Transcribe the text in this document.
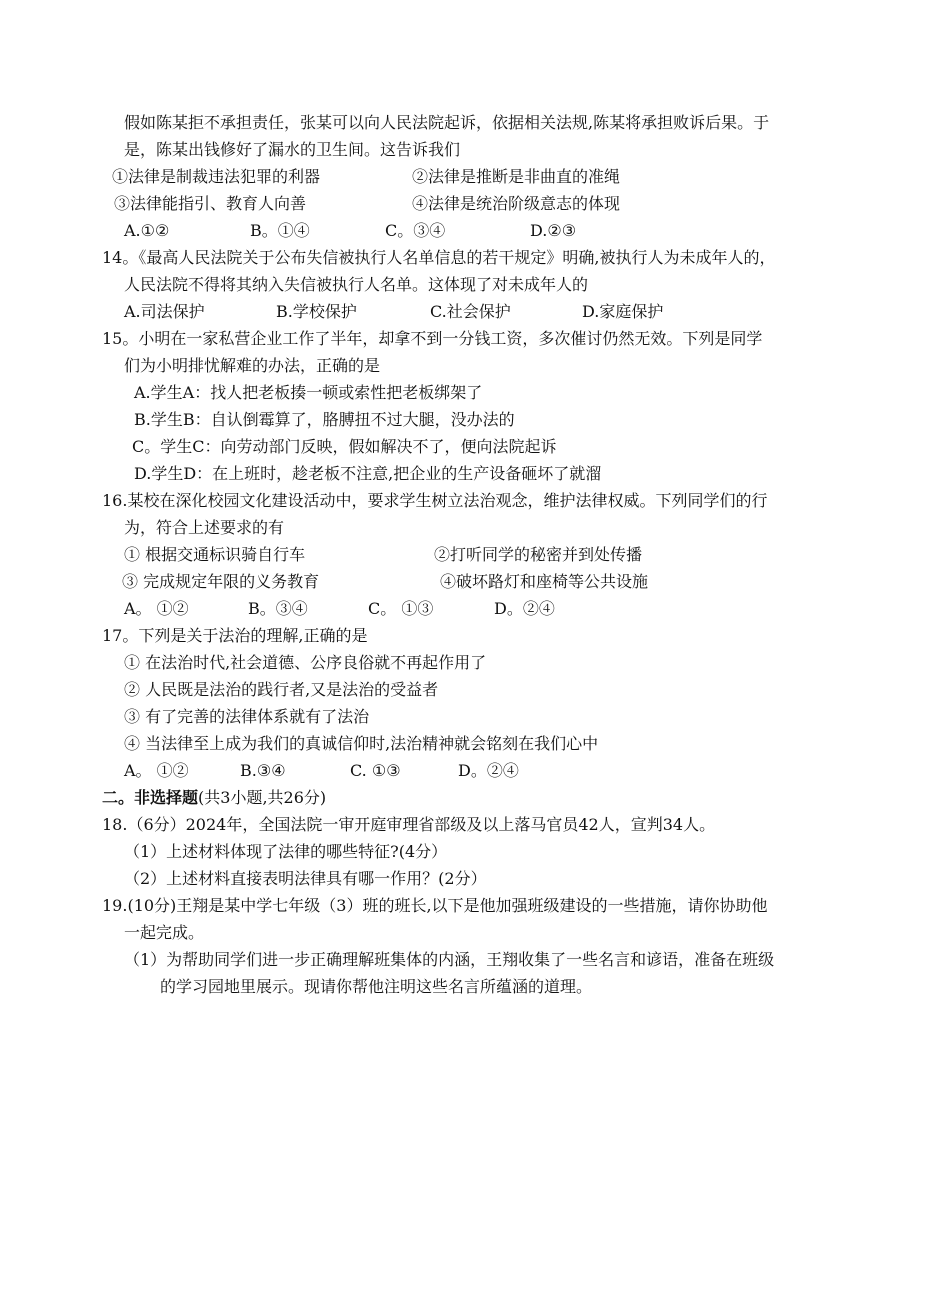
假如陈某拒不承担责任，张某可以向人民法院起诉，依据相关法规,陈某将承担败诉后果。于
是，陈某出钱修好了漏水的卫生间。这告诉我们
①法律是制裁违法犯罪的利器	②法律是推断是非曲直的准绳
③法律能指引、教育人向善	④法律是统治阶级意志的体现
A.①②	B。①④	C。③④	D.②③
14。《最高人民法院关于公布失信被执行人名单信息的若干规定》明确,被执行人为未成年人的，
人民法院不得将其纳入失信被执行人名单。这体现了对未成年人的
A.司法保护	B.学校保护	C.社会保护	D.家庭保护
15。小明在一家私营企业工作了半年，却拿不到一分钱工资，多次催讨仍然无效。下列是同学
们为小明排忧解难的办法，正确的是
A.学生A：找人把老板揍一顿或索性把老板绑架了
B.学生B：自认倒霉算了，胳膊扭不过大腿，没办法的
C。学生C：向劳动部门反映，假如解决不了，便向法院起诉
D.学生D：在上班时，趁老板不注意,把企业的生产设备砸坏了就溜
16.某校在深化校园文化建设活动中，要求学生树立法治观念，维护法律权威。下列同学们的行
为，符合上述要求的有
① 根据交通标识骑自行车	②打听同学的秘密并到处传播
③ 完成规定年限的义务教育	④破坏路灯和座椅等公共设施
A。 ①②	B。③④	C。 ①③	D。②④
17。下列是关于法治的理解,正确的是
① 在法治时代,社会道德、公序良俗就不再起作用了
② 人民既是法治的践行者,又是法治的受益者
③ 有了完善的法律体系就有了法治
④ 当法律至上成为我们的真诚信仰时,法治精神就会铭刻在我们心中
A。 ①②	B.③④	C. ①③	D。②④
二。非选择题(共3小题,共26分)
18.（6分）2024年，全国法院一审开庭审理省部级及以上落马官员42人，宣判34人。
（1）上述材料体现了法律的哪些特征?(4分）
（2）上述材料直接表明法律具有哪一作用？(2分）
19.(10分)王翔是某中学七年级（3）班的班长,以下是他加强班级建设的一些措施，请你协助他
一起完成。
（1）为帮助同学们进一步正确理解班集体的内涵，王翔收集了一些名言和谚语，准备在班级
的学习园地里展示。现请你帮他注明这些名言所蕴涵的道理。
